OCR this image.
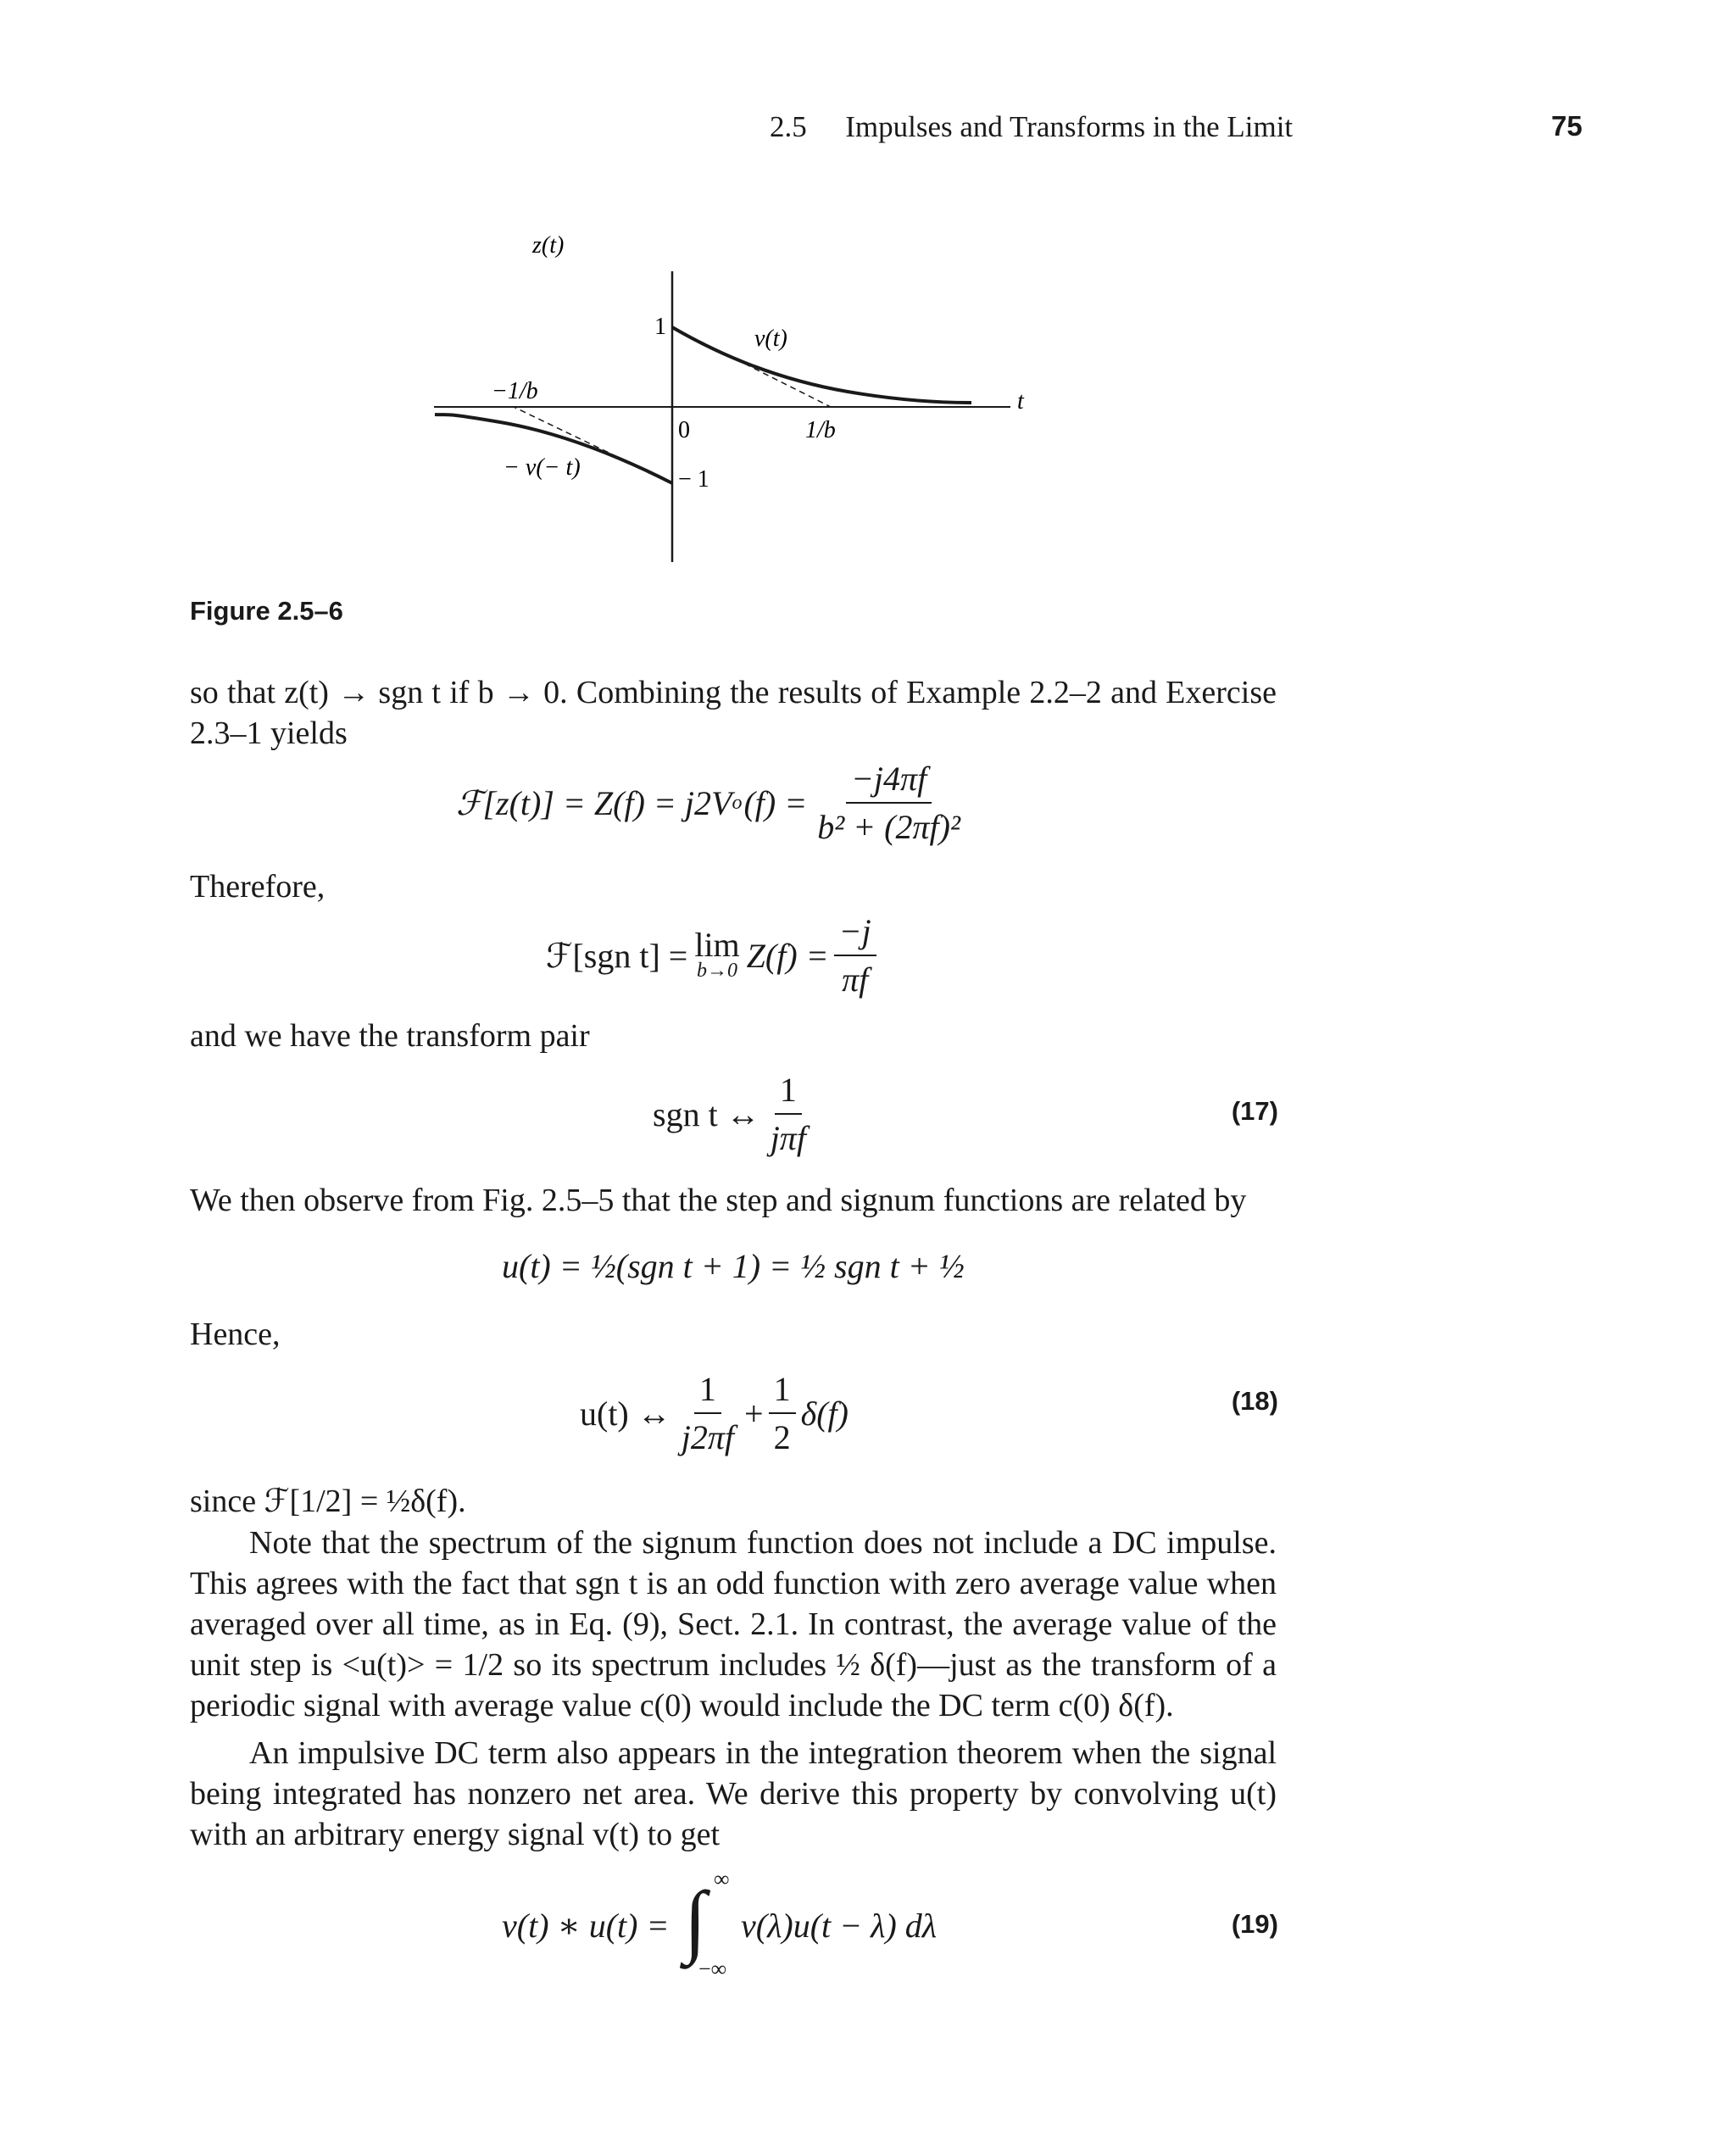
2.5 Impulses and Transforms in the Limit	75
z(t)
1	v(t)
−1/b	t
0	1/b
− v(− t)	− 1
Figure 2.5–6

so that z(t) → sgn t if b → 0. Combining the results of Example 2.2–2 and Exercise 2.3–1 yields

ℱ[z(t)] = Z(f) = j2V o $(f) = \frac{-j4\pi f}{\text{b² + (2πf)²}}$

Therefore,

ℱ[sgn t] = lim
b→0 $Z(f) = \frac{-j}{\pi f}$

and we have the transform pair

sgn t ↔ $\frac{1}{\text{jπf}}$	(17)

We then observe from Fig. 2.5–5 that the step and signum functions are related by

u(t) = ½(sgn t + 1) = ½ sgn t + ½

Hence,

u(t) ↔ $\frac{1}{j2\pi f} + \frac{1}{2} \delta(f)$	(18)

since ℱ[1/2] = ½δ(f).

Note that the spectrum of the signum function does not include a DC impulse. This agrees with the fact that sgn t is an odd function with zero average value when averaged over all time, as in Eq. (9), Sect. 2.1. In contrast, the average value of the unit step is <u(t)> = 1/2 so its spectrum includes ½ δ(f)—just as the transform of a periodic signal with average value c(0) would include the DC term c(0) δ(f).

An impulsive DC term also appears in the integration theorem when the signal being integrated has nonzero net area. We derive this property by convolving u(t) with an arbitrary energy signal v(t) to get

v(t) ∗ u(t) = ∫ ∞
−∞
v(λ)u(t − λ) dλ	(19)
